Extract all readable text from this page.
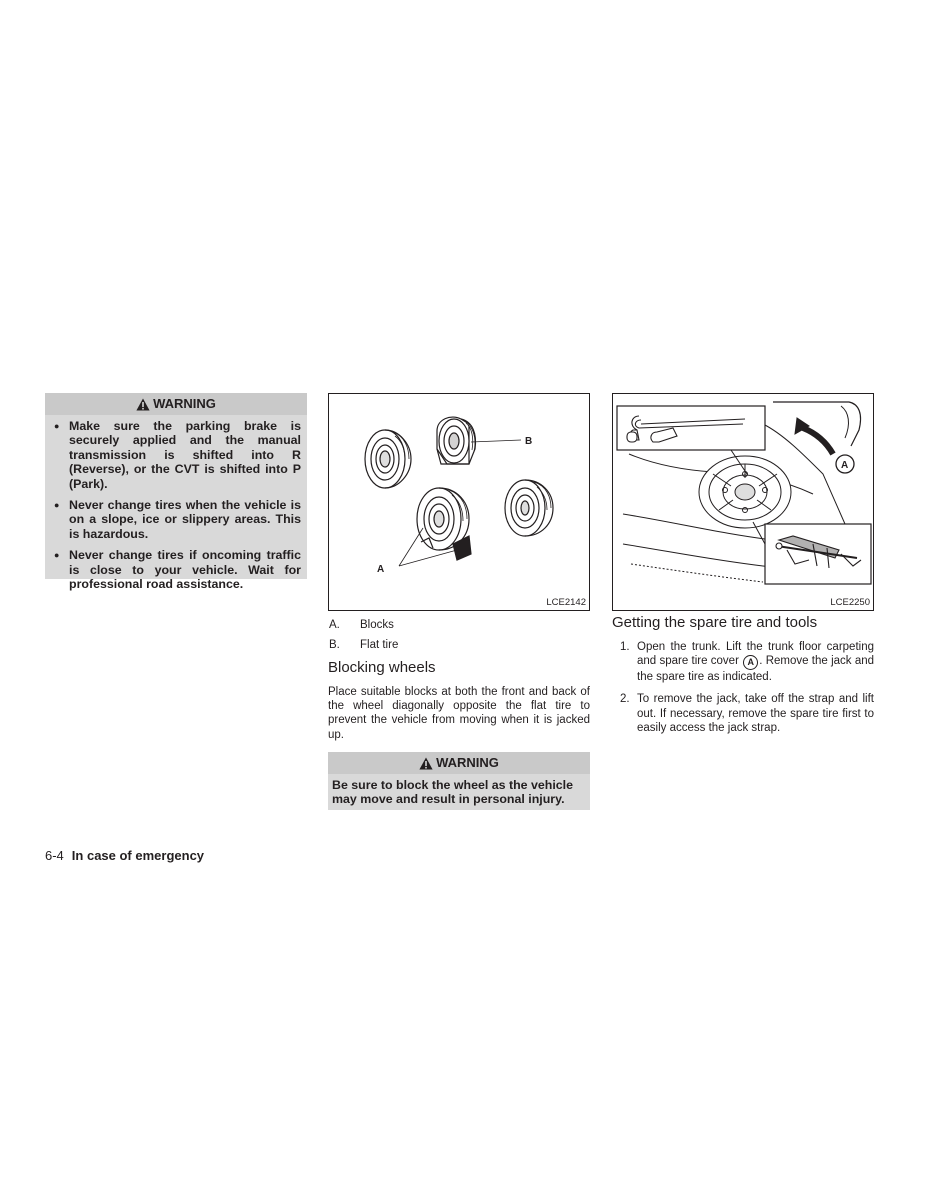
WARNING
● Make sure the parking brake is securely applied and the manual transmission is shifted into R (Reverse), or the CVT is shifted into P (Park).
● Never change tires when the vehicle is on a slope, ice or slippery areas. This is hazardous.
● Never change tires if oncoming traffic is close to your vehicle. Wait for professional road assistance.
B
A
LCE2142
A. Blocks
B. Flat tire
Blocking wheels
Place suitable blocks at both the front and back of the wheel diagonally opposite the flat tire to prevent the vehicle from moving when it is jacked up.
WARNING
Be sure to block the wheel as the vehicle may move and result in personal injury.
A
LCE2250
Getting the spare tire and tools
1. Open the trunk. Lift the trunk floor carpeting and spare tire cover A . Remove the jack and the spare tire as indicated.
2. To remove the jack, take off the strap and lift out. If necessary, remove the spare tire first to easily access the jack strap.
6-4 In case of emergency
